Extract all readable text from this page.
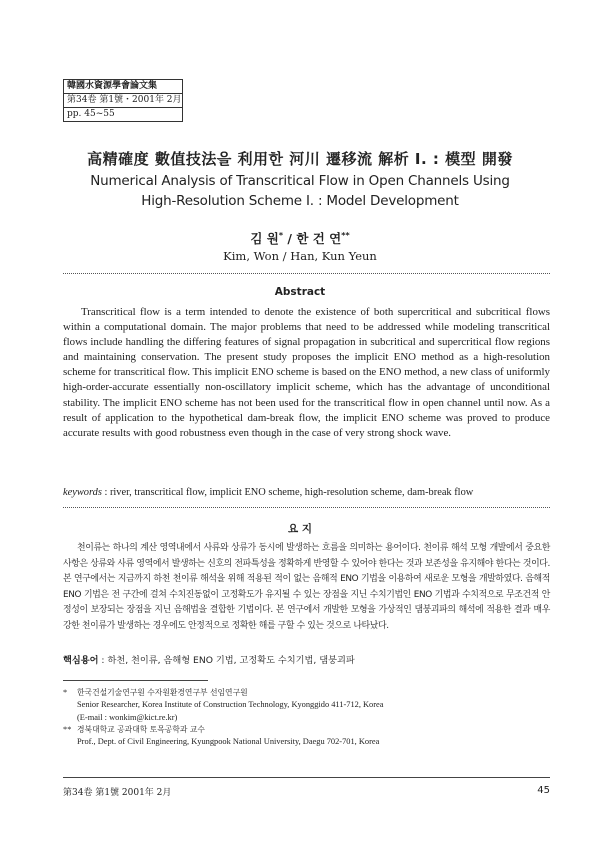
韓國水資源學會論文集
第34卷 第1號・2001年 2月
pp. 45~55
高精確度 數值技法을 利用한 河川 遷移流 解析 Ⅰ. : 模型 開發
Numerical Analysis of Transcritical Flow in Open Channels Using
High-Resolution Scheme Ⅰ. : Model Development
김 원* / 한 건 연**
Kim, Won / Han, Kun Yeun
Abstract

Transcritical flow is a term intended to denote the existence of both supercritical and subcritical flows within a computational domain. The major problems that need to be addressed while modeling transcritical flows include handling the differing features of signal propagation in subcritical and supercritical flow regions and maintaining conservation. The present study proposes the implicit ENO method as a high-resolution scheme for transcritical flow. This implicit ENO scheme is based on the ENO method, a new class of uniformly high-order-accurate essentially non-oscillatory implicit scheme, which has the advantage of unconditional stability. The implicit ENO scheme has not been used for the transcritical flow in open channel until now. As a result of application to the hypothetical dam-break flow, the implicit ENO scheme was proved to produce accurate results with good robustness even though in the case of very strong shock wave.

keywords : river, transcritical flow, implicit ENO scheme, high-resolution scheme, dam-break flow
요 지

천이류는 하나의 계산 영역내에서 사류와 상류가 동시에 발생하는 흐름을 의미하는 용어이다. 천이류 해석 모형 개발에서 중요한 사항은 상류와 사류 영역에서 발생하는 신호의 전파특성을 정확하게 반영할 수 있어야 한다는 것과 보존성을 유지해야 한다는 것이다. 본 연구에서는 지금까지 하천 천이류 해석을 위해 적용된 적이 없는 음해적 ENO 기법을 이용하여 새로운 모형을 개발하였다. 음해적 ENO 기법은 전 구간에 걸쳐 수치진동없이 고정확도가 유지될 수 있는 장점을 지닌 수치기법인 ENO 기법과 수치적으로 무조건적 안정성이 보장되는 장점을 지닌 음해법을 결합한 기법이다. 본 연구에서 개발한 모형을 가상적인 댐붕괴파의 해석에 적용한 결과 매우 강한 천이류가 발생하는 경우에도 안정적으로 정확한 해를 구할 수 있는 것으로 나타났다.

핵심용어 : 하천, 천이류, 음해형 ENO 기법, 고정확도 수치기법, 댐붕괴파
*	한국건설기술연구원 수자원환경연구부 선임연구원
Senior Researcher, Korea Institute of Construction Technology, Kyonggido 411-712, Korea
(E-mail : wonkim@kict.re.kr)
** 경북대학교 공과대학 토목공학과 교수
Prof., Dept. of Civil Engineering, Kyungpook National University, Daegu 702-701, Korea
第34卷 第1號 2001年 2月	45
